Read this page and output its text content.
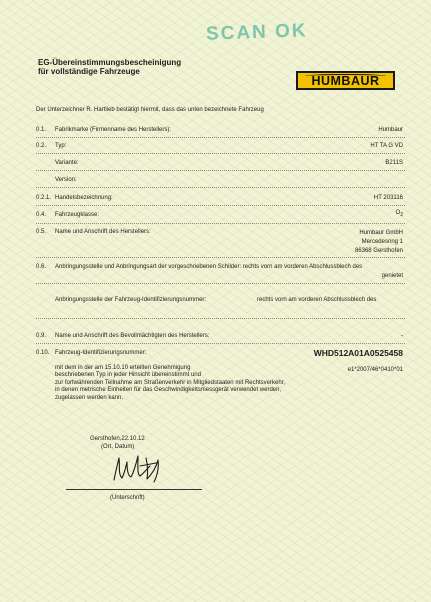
SCAN OK
EG-Übereinstimmungsbescheinigung
für vollständige Fahrzeuge
HUMBAUR
Der Unterzeichner R. Hartlieb bestätigt hiermit, dass das unten bezeichnete Fahrzeug
0.1. Fabrikmarke (Firmenname des Herstellers):	Humbaur
0.2. Typ:	HT TA G VD
Variante:	B211S
Version:
0.2.1. Handelsbezeichnung:	HT 203116
0.4. Fahrzeugklasse:	$O_2$
0.5. Name und Anschrift des Herstellers:	Humbaur GmbH
Mercedesring 1
86368 Gersthofen
0.6. Anbringungsstelle und Anbringungsart der vorgeschriebenen Schilder: rechts vorn am vorderen Abschlussblech des
genietet
Anbringungsstelle der Fahrzeug-Identifizierungsnummer:	rechts vorn am vorderen Abschlussblech des
0.9. Name und Anschrift des Bevollmächtigten des Herstellers:	-
0.10. Fahrzeug-Identifizierungsnummer:	WHD512A01A0525458
e1*2007/46*0410*01
mit dem in der am 15.10.10 erteilten Genehmigung
beschriebenen Typ in jeder Hinsicht übereinstimmt und
zur fortwährenden Teilnahme am Straßenverkehr in Mitgliedstaaten mit Rechtsverkehr,
in denen metrische Einheiten für das Geschwindigkeitsmessgerät verwendet werden,
zugelassen werden kann.
Gersthofen,22.10.12
(Ort, Datum)
(Unterschrift)
